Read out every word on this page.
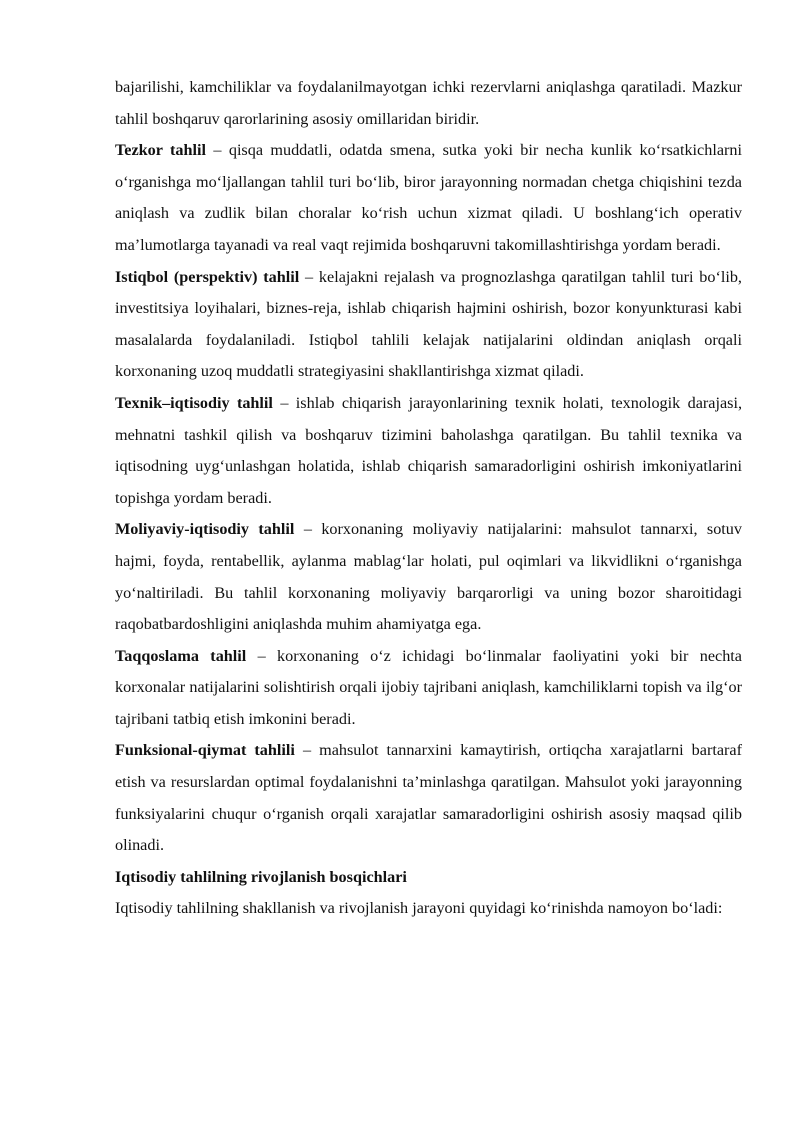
bajarilishi, kamchiliklar va foydalanilmayotgan ichki rezervlarni aniqlashga qaratiladi. Mazkur tahlil boshqaruv qarorlarining asosiy omillaridan biridir.

Tezkor tahlil – qisqa muddatli, odatda smena, sutka yoki bir necha kunlik ko‘rsatkichlarni o‘rganishga mo‘ljallangan tahlil turi bo‘lib, biror jarayonning normadan chetga chiqishini tezda aniqlash va zudlik bilan choralar ko‘rish uchun xizmat qiladi. U boshlang‘ich operativ ma’lumotlarga tayanadi va real vaqt rejimida boshqaruvni takomillashtirishga yordam beradi.

Istiqbol (perspektiv) tahlil – kelajakni rejalash va prognozlashga qaratilgan tahlil turi bo‘lib, investitsiya loyihalari, biznes-reja, ishlab chiqarish hajmini oshirish, bozor konyunkturasi kabi masalalarda foydalaniladi. Istiqbol tahlili kelajak natijalarini oldindan aniqlash orqali korxonaning uzoq muddatli strategiyasini shakllantirishga xizmat qiladi.

Texnik–iqtisodiy tahlil – ishlab chiqarish jarayonlarining texnik holati, texnologik darajasi, mehnatni tashkil qilish va boshqaruv tizimini baholashga qaratilgan. Bu tahlil texnika va iqtisodning uyg‘unlashgan holatida, ishlab chiqarish samaradorligini oshirish imkoniyatlarini topishga yordam beradi.

Moliyaviy-iqtisodiy tahlil – korxonaning moliyaviy natijalarini: mahsulot tannarxi, sotuv hajmi, foyda, rentabellik, aylanma mablag‘lar holati, pul oqimlari va likvidlikni o‘rganishga yo‘naltiriladi. Bu tahlil korxonaning moliyaviy barqarorligi va uning bozor sharoitidagi raqobatbardoshligini aniqlashda muhim ahamiyatga ega.

Taqqoslama tahlil – korxonaning o‘z ichidagi bo‘linmalar faoliyatini yoki bir nechta korxonalar natijalarini solishtirish orqali ijobiy tajribani aniqlash, kamchiliklarni topish va ilg‘or tajribani tatbiq etish imkonini beradi.

Funksional-qiymat tahlili – mahsulot tannarxini kamaytirish, ortiqcha xarajatlarni bartaraf etish va resurslardan optimal foydalanishni ta’minlashga qaratilgan. Mahsulot yoki jarayonning funksiyalarini chuqur o‘rganish orqali xarajatlar samaradorligini oshirish asosiy maqsad qilib olinadi.

Iqtisodiy tahlilning rivojlanish bosqichlari

Iqtisodiy tahlilning shakllanish va rivojlanish jarayoni quyidagi ko‘rinishda namoyon bo‘ladi:
